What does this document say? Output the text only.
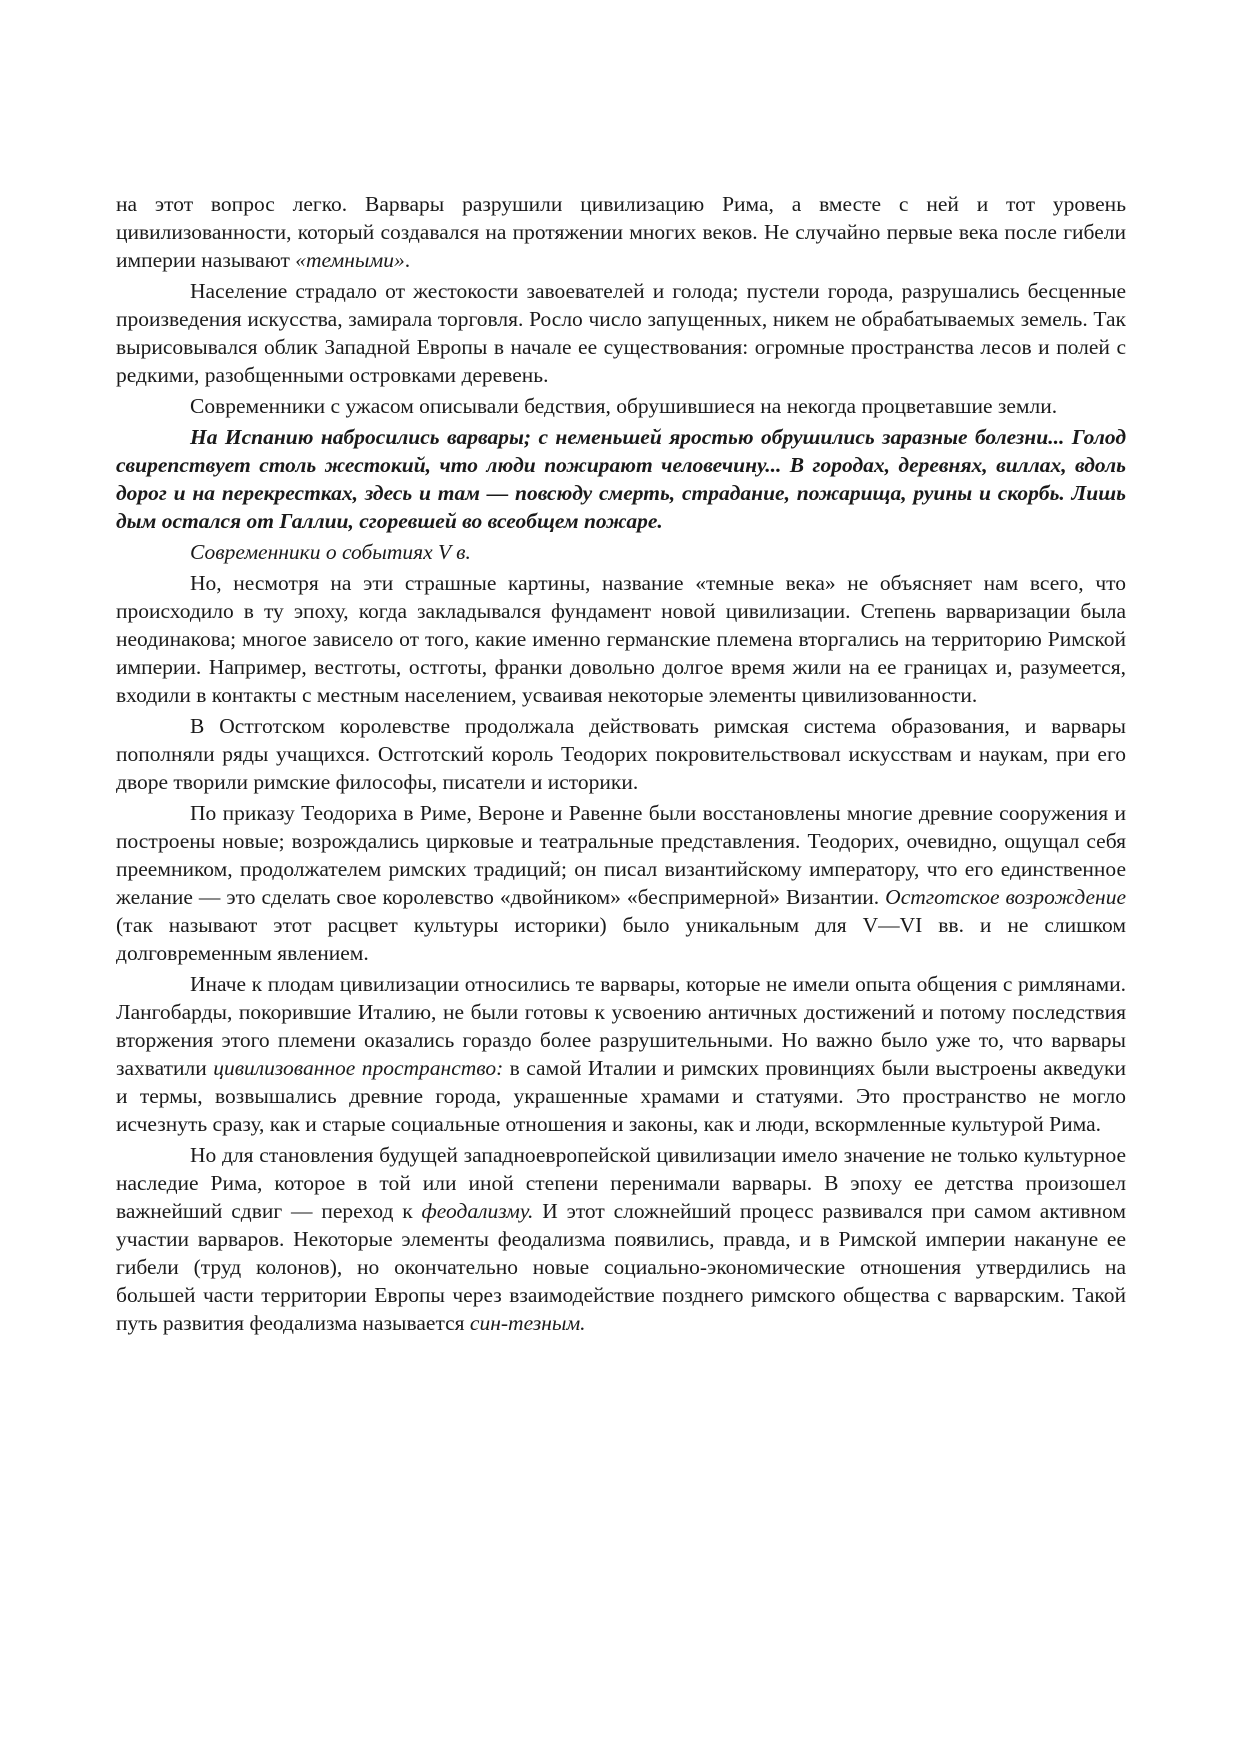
на этот вопрос легко. Варвары разрушили цивилизацию Рима, а вместе с ней и тот уровень цивилизованности, который создавался на протяжении многих веков. Не случайно первые века после гибели империи называют «темными».

Население страдало от жестокости завоевателей и голода; пустели города, разрушались бесценные произведения искусства, замирала торговля. Росло число запущенных, никем не обрабатываемых земель. Так вырисовывался облик Западной Европы в начале ее существования: огромные пространства лесов и полей с редкими, разобщенными островками деревень.

Современники с ужасом описывали бедствия, обрушившиеся на некогда процветавшие земли.

На Испанию набросились варвары; с неменьшей яростью обрушились заразные болезни... Голод свирепствует столь жестокий, что люди пожирают человечину... В городах, деревнях, виллах, вдоль дорог и на перекрестках, здесь и там — повсюду смерть, страдание, пожарища, руины и скорбь. Лишь дым остался от Галлии, сгоревшей во всеобщем пожаре.

Современники о событиях V в.

Но, несмотря на эти страшные картины, название «темные века» не объясняет нам всего, что происходило в ту эпоху, когда закладывался фундамент новой цивилизации. Степень варваризации была неодинакова; многое зависело от того, какие именно германские племена вторгались на территорию Римской империи. Например, вестготы, остготы, франки довольно долгое время жили на ее границах и, разумеется, входили в контакты с местным населением, усваивая некоторые элементы цивилизованности.

В Остготском королевстве продолжала действовать римская система образования, и варвары пополняли ряды учащихся. Остготский король Теодорих покровительствовал искусствам и наукам, при его дворе творили римские философы, писатели и историки.

По приказу Теодориха в Риме, Вероне и Равенне были восстановлены многие древние сооружения и построены новые; возрождались цирковые и театральные представления. Теодорих, очевидно, ощущал себя преемником, продолжателем римских традиций; он писал византийскому императору, что его единственное желание — это сделать свое королевство «двойником» «беспримерной» Византии. Остготское возрождение (так называют этот расцвет культуры историки) было уникальным для V—VI вв. и не слишком долговременным явлением.

Иначе к плодам цивилизации относились те варвары, которые не имели опыта общения с римлянами. Лангобарды, покорившие Италию, не были готовы к усвоению античных достижений и потому последствия вторжения этого племени оказались гораздо более разрушительными. Но важно было уже то, что варвары захватили цивилизованное пространство: в самой Италии и римских провинциях были выстроены акведуки и термы, возвышались древние города, украшенные храмами и статуями. Это пространство не могло исчезнуть сразу, как и старые социальные отношения и законы, как и люди, вскормленные культурой Рима.

Но для становления будущей западноевропейской цивилизации имело значение не только культурное наследие Рима, которое в той или иной степени перенимали варвары. В эпоху ее детства произошел важнейший сдвиг — переход к феодализму. И этот сложнейший процесс развивался при самом активном участии варваров. Некоторые элементы феодализма появились, правда, и в Римской империи накануне ее гибели (труд колонов), но окончательно новые социально-экономические отношения утвердились на большей части территории Европы через взаимодействие позднего римского общества с варварским. Такой путь развития феодализма называется син-тезным.
